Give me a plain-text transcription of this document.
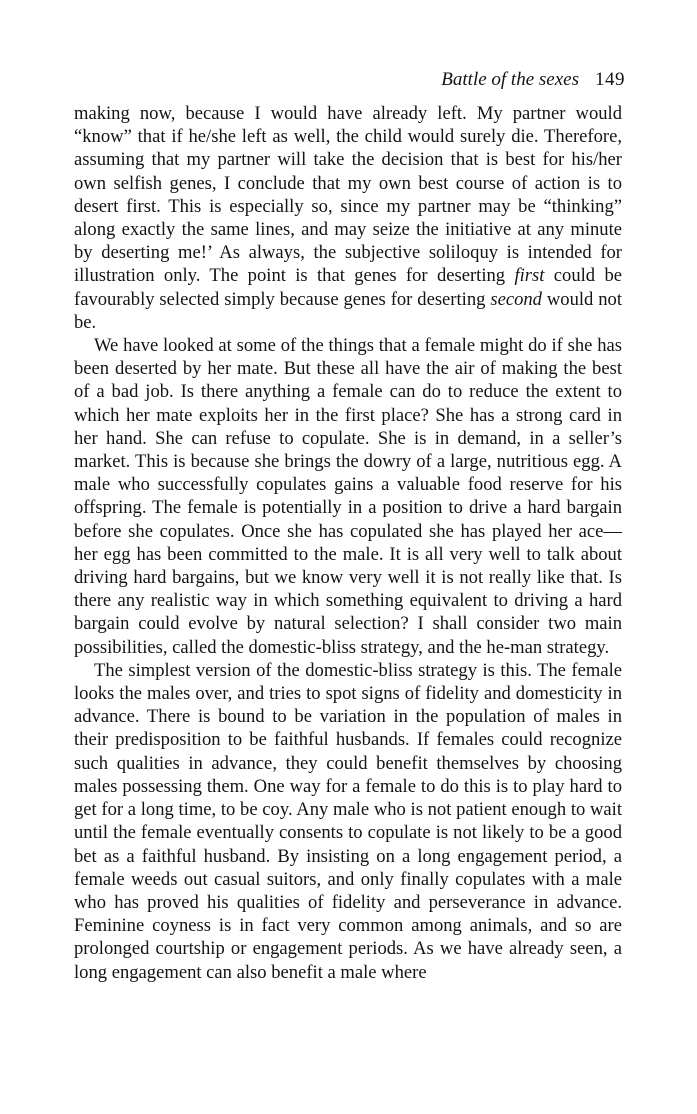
Battle of the sexes 149

making now, because I would have already left. My partner would “know” that if he/she left as well, the child would surely die. Therefore, assuming that my partner will take the decision that is best for his/her own selfish genes, I conclude that my own best course of action is to desert first. This is especially so, since my partner may be “thinking” along exactly the same lines, and may seize the initiative at any minute by deserting me!’ As always, the subjective soliloquy is intended for illustration only. The point is that genes for deserting first could be favourably selected simply because genes for deserting second would not be.

We have looked at some of the things that a female might do if she has been deserted by her mate. But these all have the air of making the best of a bad job. Is there anything a female can do to reduce the extent to which her mate exploits her in the first place? She has a strong card in her hand. She can refuse to copulate. She is in demand, in a seller’s market. This is because she brings the dowry of a large, nutritious egg. A male who successfully copulates gains a valuable food reserve for his offspring. The female is potentially in a position to drive a hard bargain before she copulates. Once she has copulated she has played her ace—her egg has been committed to the male. It is all very well to talk about driving hard bargains, but we know very well it is not really like that. Is there any realistic way in which something equivalent to driving a hard bargain could evolve by natural selection? I shall consider two main possibilities, called the domestic-bliss strategy, and the he-man strategy.

The simplest version of the domestic-bliss strategy is this. The female looks the males over, and tries to spot signs of fidelity and domesticity in advance. There is bound to be variation in the population of males in their predisposition to be faithful husbands. If females could recognize such qualities in advance, they could benefit themselves by choosing males possessing them. One way for a female to do this is to play hard to get for a long time, to be coy. Any male who is not patient enough to wait until the female eventually consents to copulate is not likely to be a good bet as a faithful husband. By insisting on a long engagement period, a female weeds out casual suitors, and only finally copulates with a male who has proved his qualities of fidelity and perseverance in advance. Feminine coyness is in fact very common among animals, and so are prolonged courtship or engagement periods. As we have already seen, a long engagement can also benefit a male where
